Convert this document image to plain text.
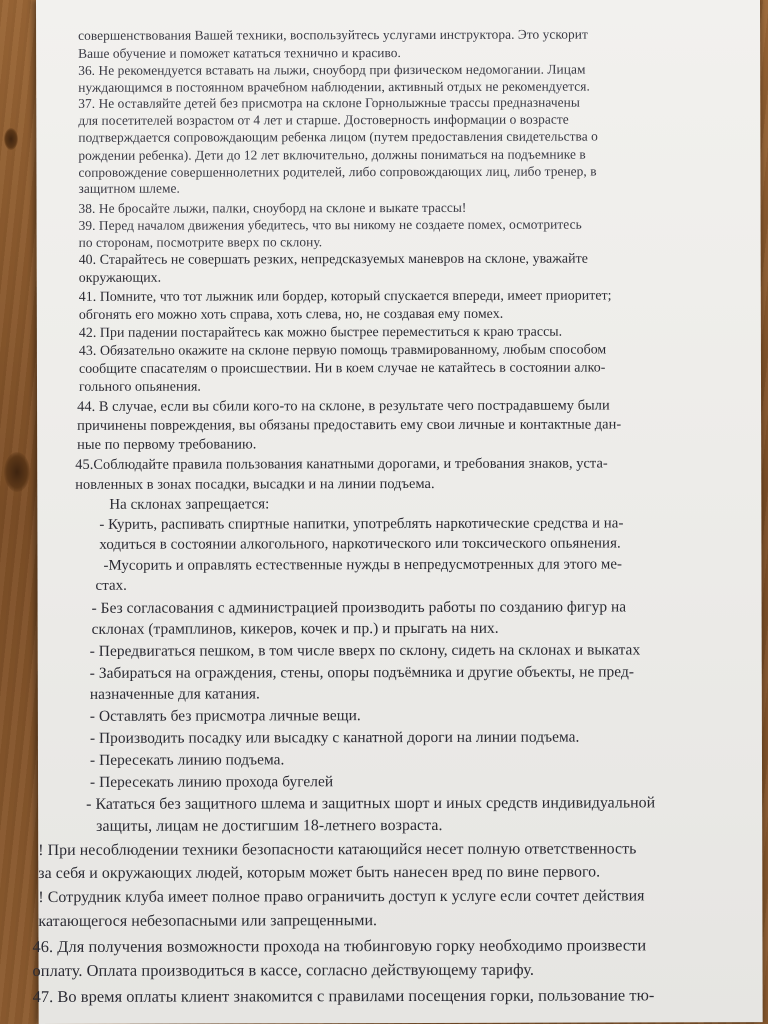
совершенствования Вашей техники, воспользуйтесь услугами инструктора. Это ускорит
Ваше обучение и поможет кататься технично и красиво.
36. Не рекомендуется вставать на лыжи, сноуборд при физическом недомогании. Лицам
нуждающимся в постоянном врачебном наблюдении, активный отдых не рекомендуется.
37. Не оставляйте детей без присмотра на склоне Горнолыжные трассы предназначены
для посетителей возрастом от 4 лет и старше. Достоверность информации о возрасте
подтверждается сопровождающим ребенка лицом (путем предоставления свидетельства о
рождении ребенка). Дети до 12 лет включительно, должны пониматься на подъемнике в
сопровождение совершеннолетних родителей, либо сопровождающих лиц, либо тренер, в
защитном шлеме.
38. Не бросайте лыжи, палки, сноуборд на склоне и выкате трассы!
39. Перед началом движения убедитесь, что вы никому не создаете помех, осмотритесь
по сторонам, посмотрите вверх по склону.
40. Старайтесь не совершать резких, непредсказуемых маневров на склоне, уважайте
окружающих.
41. Помните, что тот лыжник или бордер, который спускается впереди, имеет приоритет;
обгонять его можно хоть справа, хоть слева, но, не создавая ему помех.
42. При падении постарайтесь как можно быстрее переместиться к краю трассы.
43. Обязательно окажите на склоне первую помощь травмированному, любым способом
сообщите спасателям о происшествии. Ни в коем случае не катайтесь в состоянии алко-
гольного опьянения.
44. В случае, если вы сбили кого-то на склоне, в результате чего пострадавшему были
причинены повреждения, вы обязаны предоставить ему свои личные и контактные дан-
ные по первому требованию.
45.Соблюдайте правила пользования канатными дорогами, и требования знаков, уста-
новленных в зонах посадки, высадки и на линии подъема.
На склонах запрещается:
- Курить, распивать спиртные напитки, употреблять наркотические средства и на-
ходиться в состоянии алкогольного, наркотического или токсического опьянения.
-Мусорить и оправлять естественные нужды в непредусмотренных для этого ме-
стах.
- Без согласования с администрацией производить работы по созданию фигур на
склонах (трамплинов, кикеров, кочек и пр.) и прыгать на них.
- Передвигаться пешком, в том числе вверх по склону, сидеть на склонах и выкатах
- Забираться на ограждения, стены, опоры подъёмника и другие объекты, не пред-
назначенные для катания.
- Оставлять без присмотра личные вещи.
- Производить посадку или высадку с канатной дороги на линии подъема.
- Пересекать линию подъема.
- Пересекать линию прохода бугелей
- Кататься без защитного шлема и защитных шорт и иных средств индивидуальной
защиты, лицам не достигшим 18-летнего возраста.
! При несоблюдении техники безопасности катающийся несет полную ответственность
за себя и окружающих людей, которым может быть нанесен вред по вине первого.
! Сотрудник клуба имеет полное право ограничить доступ к услуге если сочтет действия
катающегося небезопасными или запрещенными.
46. Для получения возможности прохода на тюбинговую горку необходимо произвести
оплату. Оплата производиться в кассе, согласно действующему тарифу.
47. Во время оплаты клиент знакомится с правилами посещения горки, пользование тю-
